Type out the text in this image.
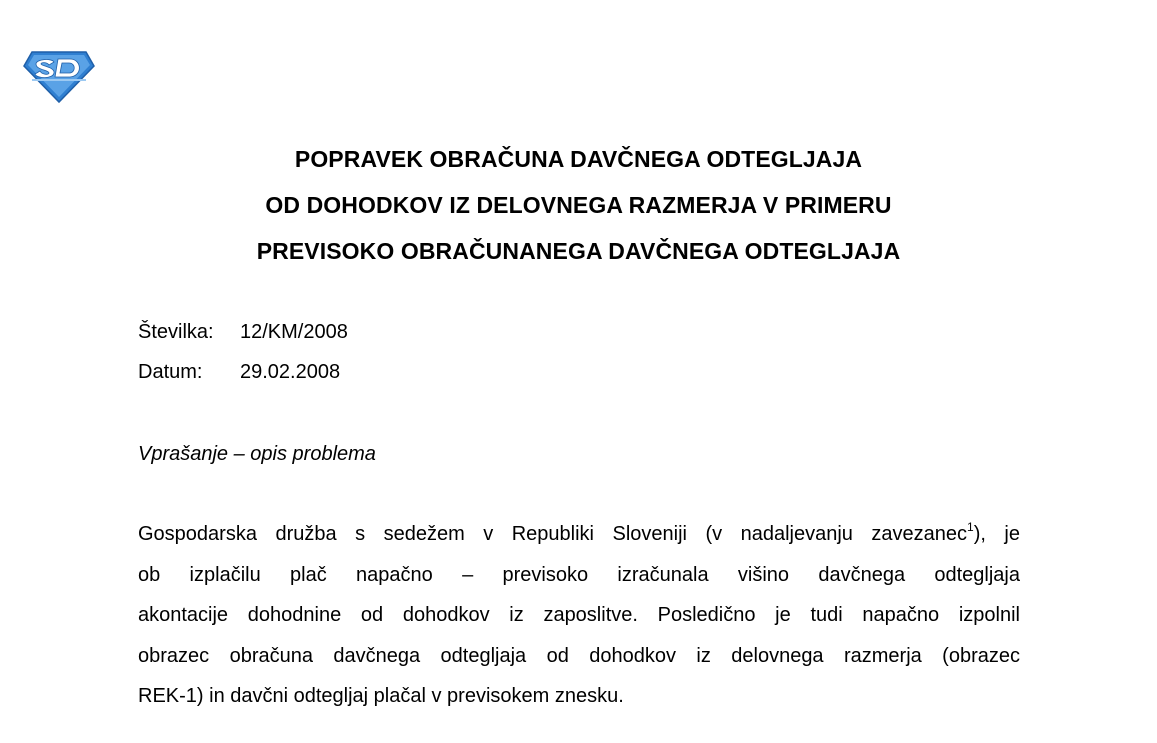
POPRAVEK OBRAČUNA DAVČNEGA ODTEGLJAJA
OD DOHODKOV IZ DELOVNEGA RAZMERJA V PRIMERU
PREVISOKO OBRAČUNANEGA DAVČNEGA ODTEGLJAJA
Številka: 12/KM/2008
Datum: 29.02.2008
Vprašanje – opis problema
Gospodarska družba s sedežem v Republiki Sloveniji (v nadaljevanju zavezanec$^1$), je
ob izplačilu plač napačno – previsoko izračunala višino davčnega odtegljaja
akontacije dohodnine od dohodkov iz zaposlitve. Posledično je tudi napačno izpolnil
obrazec obračuna davčnega odtegljaja od dohodkov iz delovnega razmerja (obrazec
REK-1) in davčni odtegljaj plačal v previsokem znesku.
